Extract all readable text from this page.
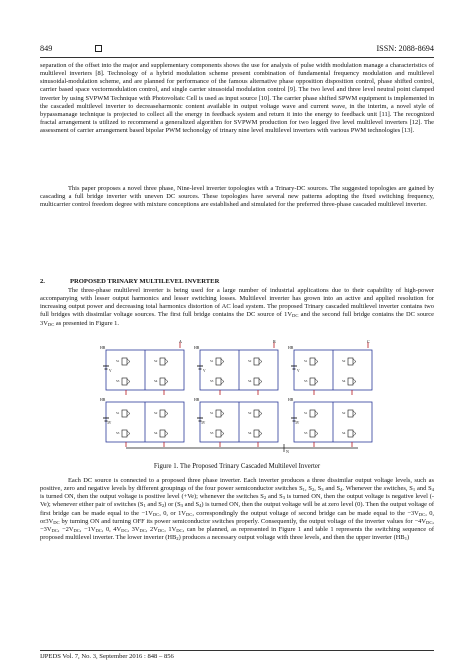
849	ISSN: 2088-8694

separation of the offset into the major and supplementary components shows the use for analysis of pulse width modulation manage a characteristics of multilevel inverters [8]. Technology of a hybrid modulation scheme present combination of fundamental frequency modulation and multilevel sinusoidal-modulation scheme, and are planned for performance of the famous alternative phase opposition disposition control, phase shifted control, carrier based space vectormodulation control, and single carrier sinusoidal modulation control [9]. The two level and three level neutral point clamped inverter by using SVPWM Technique with Photovoltaic Cell is used as input source [10]. The carrier phase shifted SPWM equipment is implemented in the cascaded multilevel inverter to decreaseharmonic content available in output voltage wave and current wave, in the interim, a novel style of bypassmanage technique is projected to collect all the energy in feedback system and return it into the energy to feedback unit [11]. The recognized fractal arrangement is utilized to recommend a generalized algorithm for SVPWM production for two legged five level multilevel inverters [12]. The assessment of carrier arrangement based bipolar PWM techonolgy of trinary nine level multilevel inverters with various PWM technologies [13].

This paper proposes a novel three phase, Nine-level inverter topologies with a Trinary-DC sources. The suggested topologies are gained by cascading a full bridge inverter with uneven DC sources. These topologies have several new patterns adopting the fixed switching frequency, multicarrier control freedom degree with mixture conceptions are established and simulated for the preferred three-phase cascaded multilevel inverter.

2.	PROPOSED TRINARY MULTILEVEL INVERTER

The three-phase multilevel inverter is being used for a large number of industrial applications due to their capability of high-power accompanying with lesser output harmonics and lesser switching losses. Multilevel inverter has grown into an active and applied resolution for increasing output power and decreasing total harmonics distortion of AC load system. The proposed Trinary cascaded multilevel inverter contains two full bridges with dissimilar voltage sources. The first full bridge contains the DC source of $1V_{DC}$ and the second full bridge contains the DC source $3V_{DC}$ as presented in Figure 1.

V
HB
S1	S2
S3	S4
V
HB
S1	S2
S3	S4
V
HB
S1	S2
S3	S4
3V
HB
S1	S2
S3	S4
3V
HB
S1	S2
S3	S4
3V
HB
S1	S2
S3	S4
A	B	C
N
Figure 1. The Proposed Trinary Cascaded Multilevel Inverter

Each DC source is connected to a proposed three phase inverter. Each inverter produces a three dissimilar output voltage levels, such as positive, zero and negative levels by different groupings of the four power semiconductor switches $S_1$, $S_2$, $S_3$ and $S_4$. Whenever the switches, $S_1$ and $S_4$ is turned ON, then the output voltage is positive level (+Ve); whenever the switches $S_2$ and $S_3$ is turned ON, then the output voltage is negative level (-Ve); whenever either pair of switches ($S_1$ and $S_2$) or ($S_3$ and $S_4$) is turned ON, then the output voltage will be at zero level (0). Then the output voltage of first bridge can be made equal to the $-1V_{DC}$, 0, or $1V_{DC}$, correspondingly the output voltage of second bridge can be made equal to the $-3V_{DC}$, 0, $or3V_{DC}$ by turning ON and turning OFF its power semiconductor switches properly. Consequently, the output voltage of the inverter values for $-4V_{DC}$, $-3V_{DC}$, $-2V_{DC}$, $-1V_{DC}$, 0, $4V_{DC}$, $3V_{DC}$, $2V_{DC}$, $1V_{DC}$, can be planned, as represented in Figure 1 and table 1 represents the switching sequence of proposed multilevel inverter. The lower inverter $(HB_2)$ produces a necessary output voltage with three levels, and then the upper inverter $(HB_1)$

IJPEDS Vol. 7, No. 3, September 2016 : 848 – 856
